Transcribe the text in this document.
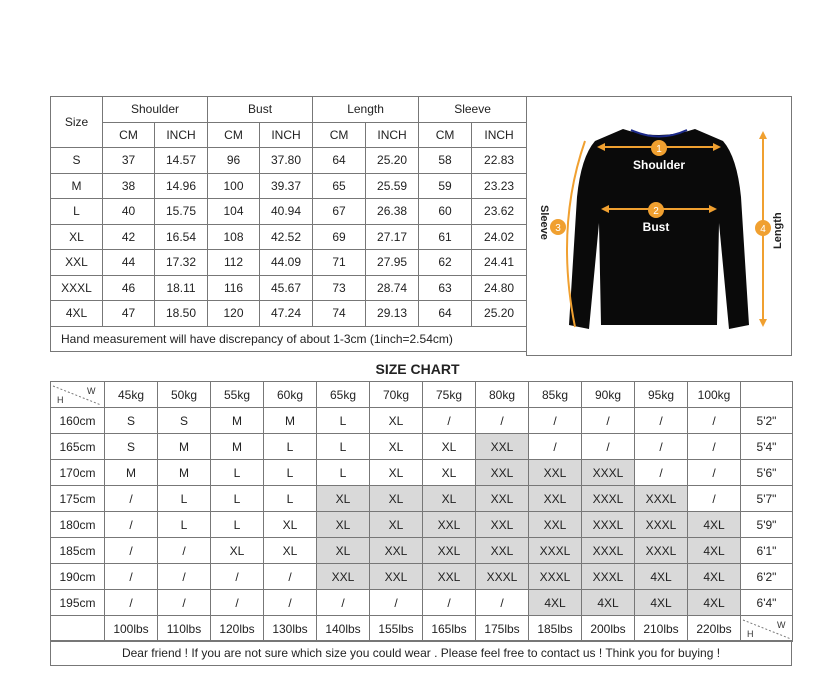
Size	Shoulder		Bust		Length		Sleeve	
	CM	INCH	CM	INCH	CM	INCH	CM	INCH
S	37	14.57	96	37.80	64	25.20	58	22.83
M	38	14.96	100	39.37	65	25.59	59	23.23
L	40	15.75	104	40.94	67	26.38	60	23.62
XL	42	16.54	108	42.52	69	27.17	61	24.02
XXL	44	17.32	112	44.09	71	27.95	62	24.41
XXXL	46	18.11	116	45.67	73	28.74	63	24.80
4XL	47	18.50	120	47.24	74	29.13	64	25.20
Hand measurement will have discrepancy of about 1-3cm (1inch=2.54cm)								
1
Shoulder
2
Bust
3
Sleeve	4 Length
SIZE CHART
H
W	45kg	50kg	55kg	60kg	65kg	70kg	75kg	80kg	85kg	90kg	95kg	100kg	
160cm	S	S	M	M	L	XL	/	/	/	/	/	/	5'2"
165cm	S	M	M	L	L	XL	XL	XXL	/	/	/	/	5'4"
170cm	M	M	L	L	L	XL	XL	XXL	XXL	XXXL	/	/	5'6"
175cm	/	L	L	L	XL	XL	XL	XXL	XXL	XXXL	XXXL	/	5'7"
180cm	/	L	L	XL	XL	XL	XXL	XXL	XXL	XXXL	XXXL	4XL	5'9"
185cm	/	/	XL	XL	XL	XXL	XXL	XXL	XXXL	XXXL	XXXL	4XL	6'1"
190cm	/	/	/	/	XXL	XXL	XXL	XXXL	XXXL	XXXL	4XL	4XL	6'2"
195cm	/	/	/	/	/	/	/	/	4XL	4XL	4XL	4XL	6'4"
	100lbs	110lbs	120lbs	130lbs	140lbs	155lbs	165lbs	175lbs	185lbs	200lbs	210lbs	220lbs	H
W
Dear friend ! If you are not sure which size you could wear . Please feel free to contact us ! Think you for buying !
